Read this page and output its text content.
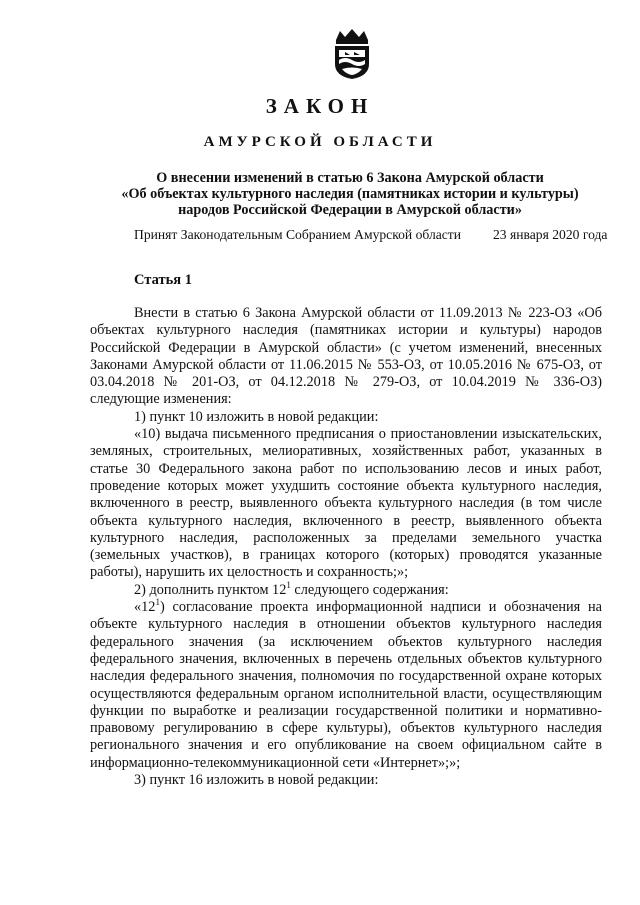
ЗАКОН
АМУРСКОЙ ОБЛАСТИ
О внесении изменений в статью 6 Закона Амурской области
«Об объектах культурного наследия (памятниках истории и культуры)
народов Российской Федерации в Амурской области»
Принят Законодательным Собранием Амурской области 23 января 2020 года
Статья 1

Внести в статью 6 Закона Амурской области от 11.09.2013 № 223-ОЗ «Об объектах культурного наследия (памятниках истории и культуры) народов Российской Федерации в Амурской области» (с учетом изменений, внесенных Законами Амурской области от 11.06.2015 № 553-ОЗ, от 10.05.2016 № 675-ОЗ, от 03.04.2018 № 201-ОЗ, от 04.12.2018 № 279-ОЗ, от 10.04.2019 № 336-ОЗ) следующие изменения:

1) пункт 10 изложить в новой редакции:

«10) выдача письменного предписания о приостановлении изыскательских, земляных, строительных, мелиоративных, хозяйственных работ, указанных в статье 30 Федерального закона работ по использованию лесов и иных работ, проведение которых может ухудшить состояние объекта культурного наследия, включенного в реестр, выявленного объекта культурного наследия (в том числе объекта культурного наследия, включенного в реестр, выявленного объекта культурного наследия, расположенных за пределами земельного участка (земельных участков), в границах которого (которых) проводятся указанные работы), нарушить их целостность и сохранность;»;

2) дополнить пунктом $12^1$ следующего содержания:

«$12^1$) согласование проекта информационной надписи и обозначения на объекте культурного наследия в отношении объектов культурного наследия федерального значения (за исключением объектов культурного наследия федерального значения, включенных в перечень отдельных объектов культурного наследия федерального значения, полномочия по государственной охране которых осуществляются федеральным органом исполнительной власти, осуществляющим функции по выработке и реализации государственной политики и нормативно-правовому регулированию в сфере культуры), объектов культурного наследия регионального значения и его опубликование на своем официальном сайте в информационно-телекоммуникационной сети «Интернет»;»;

3) пункт 16 изложить в новой редакции:
